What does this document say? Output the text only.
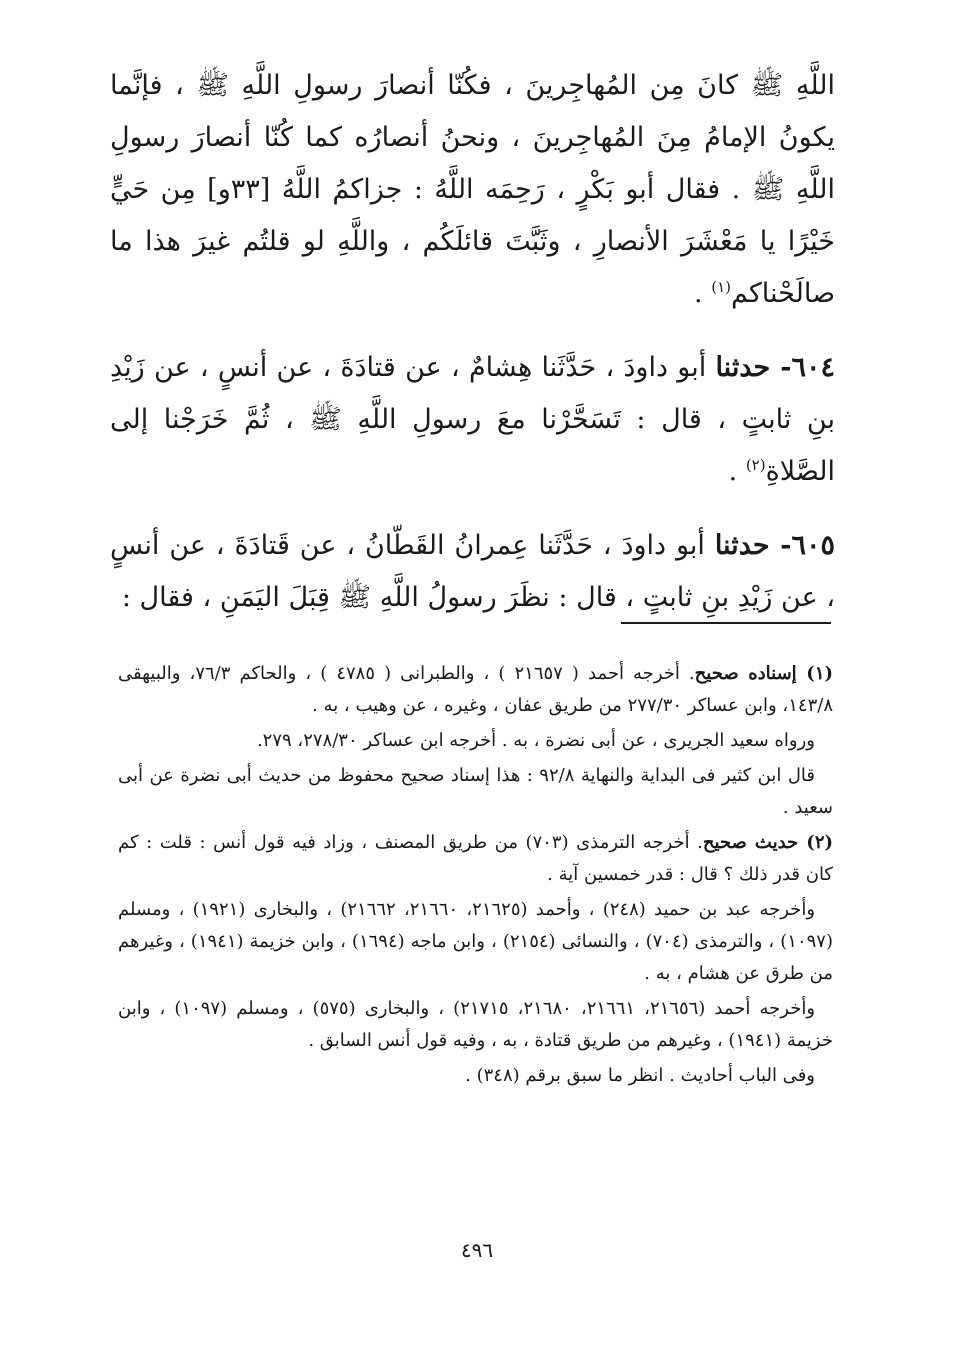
اللَّهِ ﷺ كانَ مِن المُهاجِرينَ ، فكُنّا أنصارَ رسولِ اللَّهِ ﷺ ، فإنَّما يكونُ الإمامُ مِنَ المُهاجِرينَ ، ونحنُ أنصارُه كما كُنّا أنصارَ رسولِ اللَّهِ ﷺ . فقال أبو بَكْرٍ ، رَحِمَه اللَّهُ : جزاكمُ اللَّهُ [٣٣و] مِن حَيٍّ خَيْرًا يا مَعْشَرَ الأنصارِ ، وثَبَّتَ قائلَكُم ، واللَّهِ لو قلتُم غيرَ هذا ما صالَحْناكم$^{(١)}$ .

٦٠٤- حدثنا أبو داودَ ، حَدَّثَنا هِشامٌ ، عن قتادَةَ ، عن أنسٍ ، عن زَيْدِ بنِ ثابتٍ ، قال : تَسَحَّرْنا معَ رسولِ اللَّهِ ﷺ ، ثُمَّ خَرَجْنا إلى الصَّلاةِ$^{(٢)}$ .

٦٠٥- حدثنا أبو داودَ ، حَدَّثَنا عِمرانُ القَطّانُ ، عن قَتادَةَ ، عن أنسٍ ، عن زَيْدِ بنِ ثابتٍ ، قال : نظَرَ رسولُ اللَّهِ ﷺ قِبَلَ اليَمَنِ ، فقال :

(١) إسناده صحيح. أخرجه أحمد ( ٢١٦٥٧ ) ، والطبرانى ( ٤٧٨٥ ) ، والحاكم ٧٦/٣، والبيهقى ١٤٣/٨، وابن عساكر ٢٧٧/٣٠ من طريق عفان ، وغيره ، عن وهيب ، به .

ورواه سعيد الجريرى ، عن أبى نضرة ، به . أخرجه ابن عساكر ٢٧٨/٣٠، ٢٧٩.

قال ابن كثير فى البداية والنهاية ٩٢/٨ : هذا إسناد صحيح محفوظ من حديث أبى نضرة عن أبى سعيد .

(٢) حديث صحيح. أخرجه الترمذى (٧٠٣) من طريق المصنف ، وزاد فيه قول أنس : قلت : كم كان قدر ذلك ؟ قال : قدر خمسين آية .

وأخرجه عبد بن حميد (٢٤٨) ، وأحمد (٢١٦٢٥، ٢١٦٦٠، ٢١٦٦٢) ، والبخارى (١٩٢١) ، ومسلم (١٠٩٧) ، والترمذى (٧٠٤) ، والنسائى (٢١٥٤) ، وابن ماجه (١٦٩٤) ، وابن خزيمة (١٩٤١) ، وغيرهم من طرق عن هشام ، به .

وأخرجه أحمد (٢١٦٥٦، ٢١٦٦١، ٢١٦٨٠، ٢١٧١٥) ، والبخارى (٥٧٥) ، ومسلم (١٠٩٧) ، وابن خزيمة (١٩٤١) ، وغيرهم من طريق قتادة ، به ، وفيه قول أنس السابق .

وفى الباب أحاديث . انظر ما سبق برقم (٣٤٨) .

٤٩٦
